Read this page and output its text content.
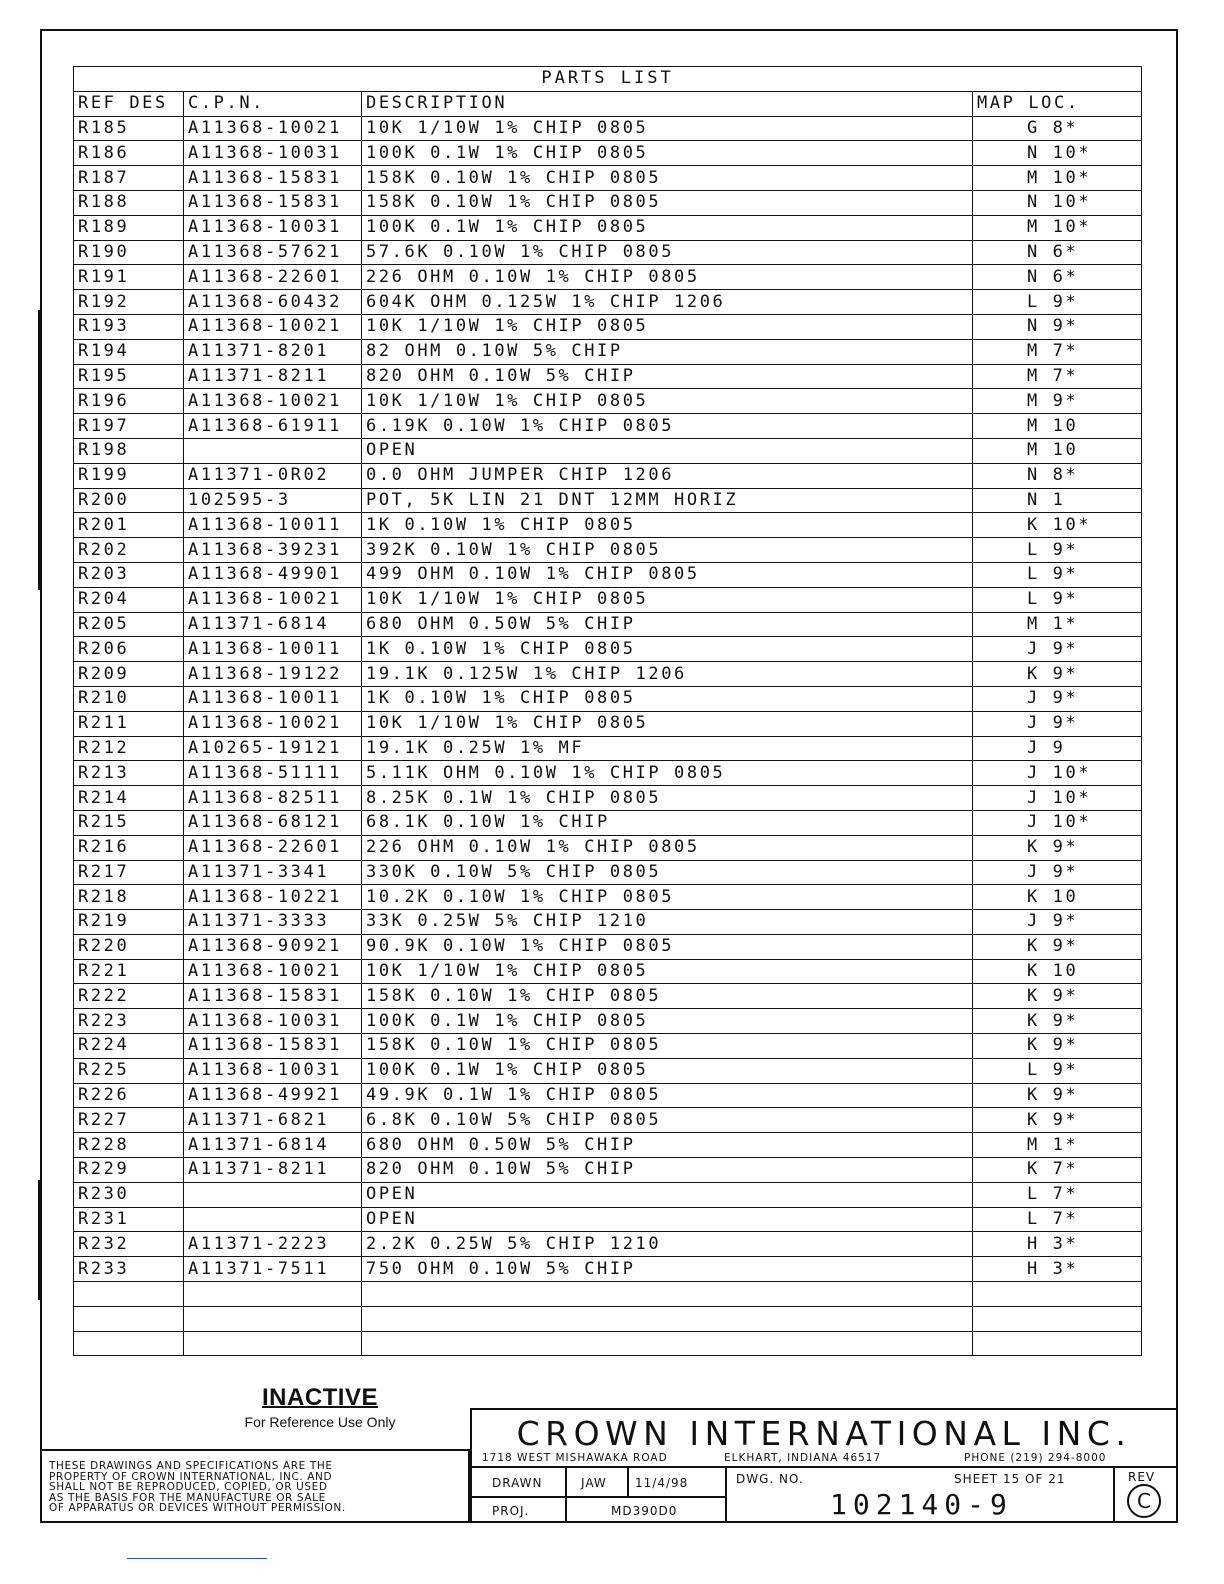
PARTS LIST			
REF DES	C.P.N.	DESCRIPTION	MAP LOC.
R185	A11368-10021	10K 1/10W 1% CHIP 0805	G 8*
R186	A11368-10031	100K 0.1W 1% CHIP 0805	N 10*
R187	A11368-15831	158K 0.10W 1% CHIP 0805	M 10*
R188	A11368-15831	158K 0.10W 1% CHIP 0805	N 10*
R189	A11368-10031	100K 0.1W 1% CHIP 0805	M 10*
R190	A11368-57621	57.6K 0.10W 1% CHIP 0805	N 6*
R191	A11368-22601	226 OHM 0.10W 1% CHIP 0805	N 6*
R192	A11368-60432	604K OHM 0.125W 1% CHIP 1206	L 9*
R193	A11368-10021	10K 1/10W 1% CHIP 0805	N 9*
R194	A11371-8201	82 OHM 0.10W 5% CHIP	M 7*
R195	A11371-8211	820 OHM 0.10W 5% CHIP	M 7*
R196	A11368-10021	10K 1/10W 1% CHIP 0805	M 9*
R197	A11368-61911	6.19K 0.10W 1% CHIP 0805	M 10
R198		OPEN	M 10
R199	A11371-0R02	0.0 OHM JUMPER CHIP 1206	N 8*
R200	102595-3	POT, 5K LIN 21 DNT 12MM HORIZ	N 1
R201	A11368-10011	1K 0.10W 1% CHIP 0805	K 10*
R202	A11368-39231	392K 0.10W 1% CHIP 0805	L 9*
R203	A11368-49901	499 OHM 0.10W 1% CHIP 0805	L 9*
R204	A11368-10021	10K 1/10W 1% CHIP 0805	L 9*
R205	A11371-6814	680 OHM 0.50W 5% CHIP	M 1*
R206	A11368-10011	1K 0.10W 1% CHIP 0805	J 9*
R209	A11368-19122	19.1K 0.125W 1% CHIP 1206	K 9*
R210	A11368-10011	1K 0.10W 1% CHIP 0805	J 9*
R211	A11368-10021	10K 1/10W 1% CHIP 0805	J 9*
R212	A10265-19121	19.1K 0.25W 1% MF	J 9
R213	A11368-51111	5.11K OHM 0.10W 1% CHIP 0805	J 10*
R214	A11368-82511	8.25K 0.1W 1% CHIP 0805	J 10*
R215	A11368-68121	68.1K 0.10W 1% CHIP	J 10*
R216	A11368-22601	226 OHM 0.10W 1% CHIP 0805	K 9*
R217	A11371-3341	330K 0.10W 5% CHIP 0805	J 9*
R218	A11368-10221	10.2K 0.10W 1% CHIP 0805	K 10
R219	A11371-3333	33K 0.25W 5% CHIP 1210	J 9*
R220	A11368-90921	90.9K 0.10W 1% CHIP 0805	K 9*
R221	A11368-10021	10K 1/10W 1% CHIP 0805	K 10
R222	A11368-15831	158K 0.10W 1% CHIP 0805	K 9*
R223	A11368-10031	100K 0.1W 1% CHIP 0805	K 9*
R224	A11368-15831	158K 0.10W 1% CHIP 0805	K 9*
R225	A11368-10031	100K 0.1W 1% CHIP 0805	L 9*
R226	A11368-49921	49.9K 0.1W 1% CHIP 0805	K 9*
R227	A11371-6821	6.8K 0.10W 5% CHIP 0805	K 9*
R228	A11371-6814	680 OHM 0.50W 5% CHIP	M 1*
R229	A11371-8211	820 OHM 0.10W 5% CHIP	K 7*
R230		OPEN	L 7*
R231		OPEN	L 7*
R232	A11371-2223	2.2K 0.25W 5% CHIP 1210	H 3*
R233	A11371-7511	750 OHM 0.10W 5% CHIP	H 3*

INACTIVE
For Reference Use Only
THESE DRAWINGS AND SPECIFICATIONS ARE THE
PROPERTY OF CROWN INTERNATIONAL, INC. AND
SHALL NOT BE REPRODUCED, COPIED, OR USED
AS THE BASIS FOR THE MANUFACTURE OR SALE
OF APPARATUS OR DEVICES WITHOUT PERMISSION.
CROWN INTERNATIONAL INC.
1718 WEST MISHAWAKA ROAD	ELKHART, INDIANA 46517	PHONE (219) 294-8000
DRAWN	JAW 11/4/98
PROJ.	MD390D0
DWG. NO.	SHEET 15 OF 21	REV
102140-9	C
